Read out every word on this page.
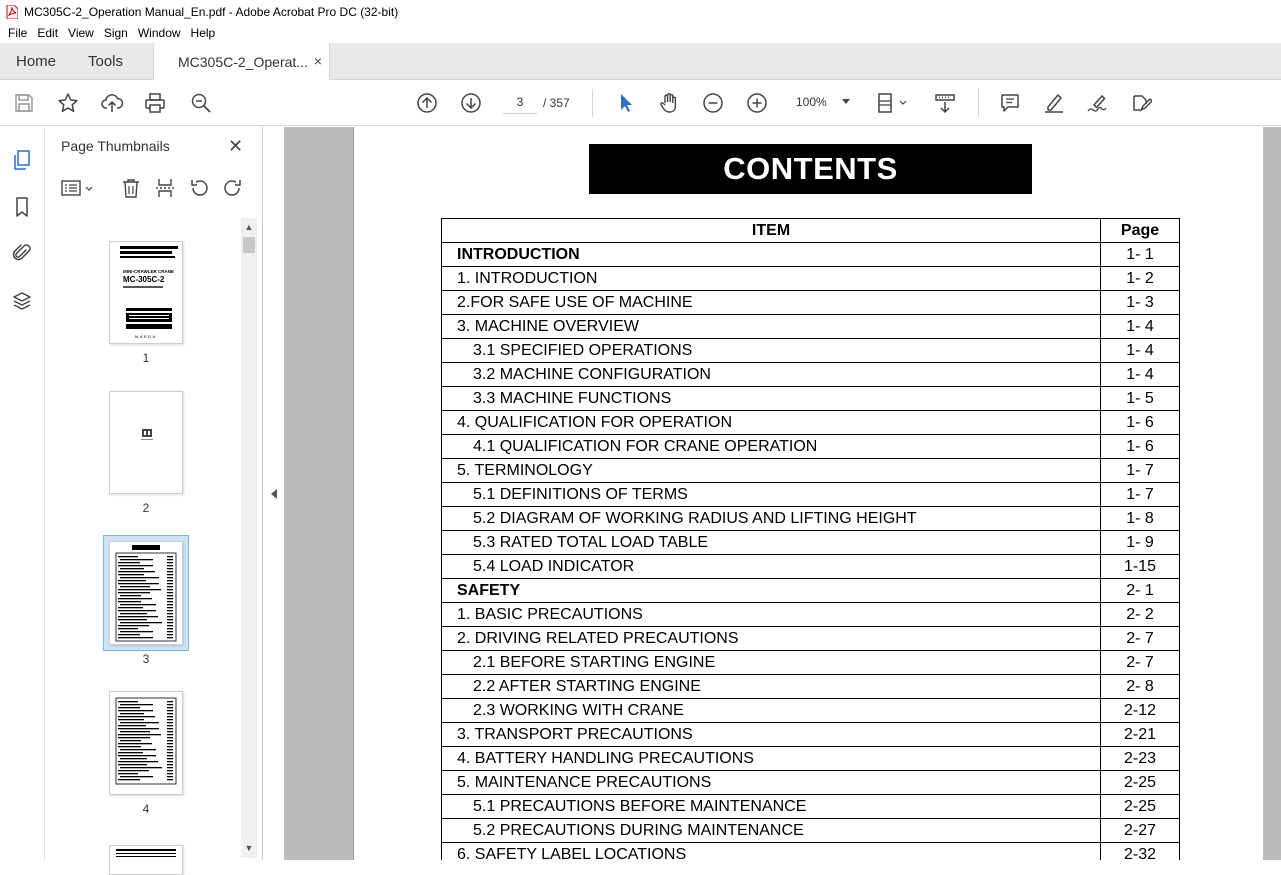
MC305C-2_Operation Manual_En.pdf - Adobe Acrobat Pro DC (32-bit)
File Edit View Sign Window Help
Home Tools	MC305C-2_Operat... ×
3
/ 357	100%
Page Thumbnails	✕
MINI-CRAWLER CRANE
MC-305C-2
MAEDA
1
2
3
4
▲
▼
CONTENTS
ITEM	Page
INTRODUCTION	1- 1
1. INTRODUCTION	1- 2
2.FOR SAFE USE OF MACHINE	1- 3
3. MACHINE OVERVIEW	1- 4
3.1 SPECIFIED OPERATIONS	1- 4
3.2 MACHINE CONFIGURATION	1- 4
3.3 MACHINE FUNCTIONS	1- 5
4. QUALIFICATION FOR OPERATION	1- 6
4.1 QUALIFICATION FOR CRANE OPERATION	1- 6
5. TERMINOLOGY	1- 7
5.1 DEFINITIONS OF TERMS	1- 7
5.2 DIAGRAM OF WORKING RADIUS AND LIFTING HEIGHT	1- 8
5.3 RATED TOTAL LOAD TABLE	1- 9
5.4 LOAD INDICATOR	1-15
SAFETY	2- 1
1. BASIC PRECAUTIONS	2- 2
2. DRIVING RELATED PRECAUTIONS	2- 7
2.1 BEFORE STARTING ENGINE	2- 7
2.2 AFTER STARTING ENGINE	2- 8
2.3 WORKING WITH CRANE	2-12
3. TRANSPORT PRECAUTIONS	2-21
4. BATTERY HANDLING PRECAUTIONS	2-23
5. MAINTENANCE PRECAUTIONS	2-25
5.1 PRECAUTIONS BEFORE MAINTENANCE	2-25
5.2 PRECAUTIONS DURING MAINTENANCE	2-27
6. SAFETY LABEL LOCATIONS	2-32
